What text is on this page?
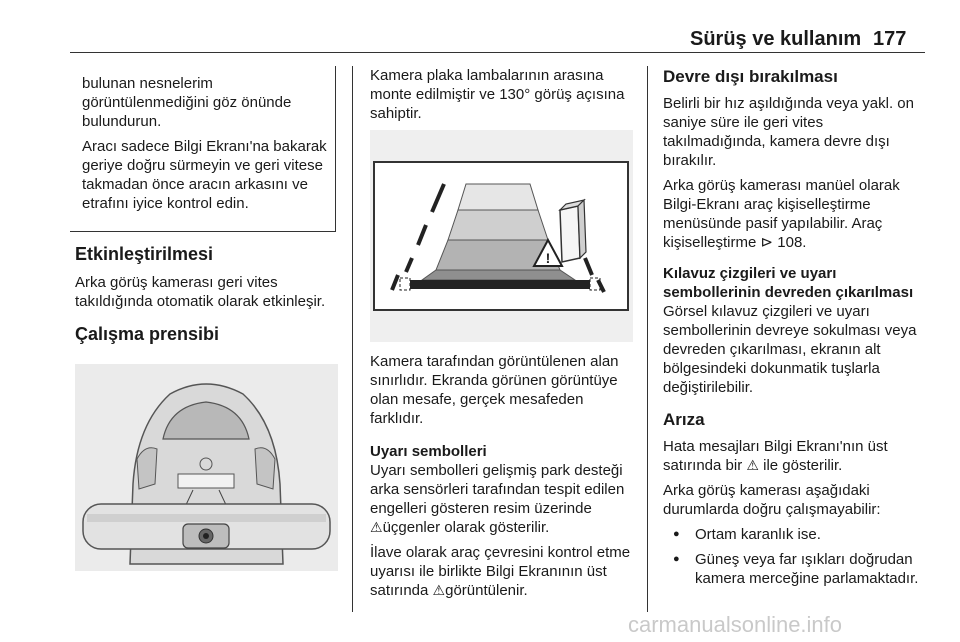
Sürüş ve kullanım 177

bulunan nesnelerim görüntülenmediğini göz önünde bulundurun.

Aracı sadece Bilgi Ekranı'na bakarak geriye doğru sürmeyin ve geri vitese takmadan önce aracın arkasını ve etrafını iyice kontrol edin.

Etkinleştirilmesi

Arka görüş kamerası geri vites takıldığında otomatik olarak etkinleşir.

Çalışma prensibi

Kamera plaka lambalarının arasına monte edilmiştir ve 130° görüş açısına sahiptir.

!

Kamera tarafından görüntülenen alan sınırlıdır. Ekranda görünen görüntüye olan mesafe, gerçek mesafeden farklıdır.

Uyarı sembolleri

Uyarı sembolleri gelişmiş park desteği arka sensörleri tarafından tespit edilen engelleri gösteren resim üzerinde ⚠üçgenler olarak gösterilir.

İlave olarak araç çevresini kontrol etme uyarısı ile birlikte Bilgi Ekranının üst satırında ⚠görüntülenir.

Devre dışı bırakılması

Belirli bir hız aşıldığında veya yakl. on saniye süre ile geri vites takılmadığında, kamera devre dışı bırakılır.

Arka görüş kamerası manüel olarak Bilgi-Ekranı araç kişiselleştirme menüsünde pasif yapılabilir. Araç kişiselleştirme ⊳ 108.

Kılavuz çizgileri ve uyarı
sembollerinin devreden çıkarılması

Görsel kılavuz çizgileri ve uyarı sembollerinin devreye sokulması veya devreden çıkarılması, ekranın alt bölgesindeki dokunmatik tuşlarla değiştirilebilir.

Arıza

Hata mesajları Bilgi Ekranı'nın üst satırında bir ⚠ ile gösterilir.

Arka görüş kamerası aşağıdaki durumlarda doğru çalışmayabilir:

● Ortam karanlık ise.
● Güneş veya far ışıkları doğrudan kamera merceğine parlamaktadır.
carmanualsonline.info
